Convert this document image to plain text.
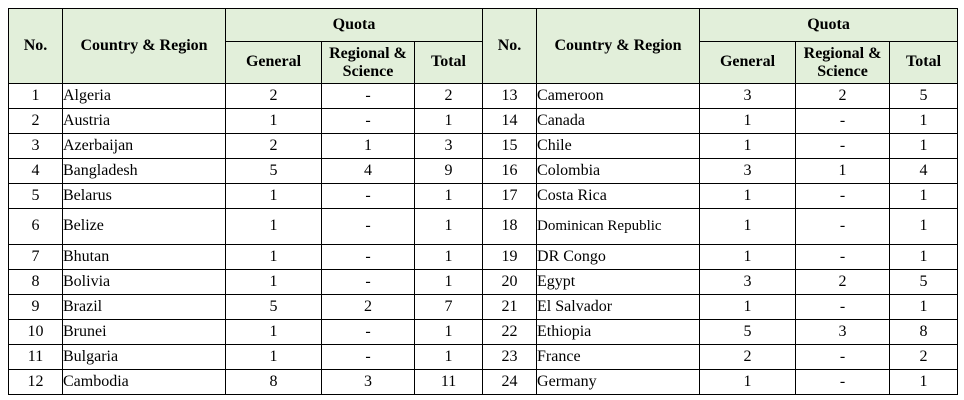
No.	Country & Region	Quota			No.	Country & Region	Quota		
		General	Regional & Science	Total			General	Regional & Science	Total
1	Algeria	2	-	2	13	Cameroon	3	2	5
2	Austria	1	-	1	14	Canada	1	-	1
3	Azerbaijan	2	1	3	15	Chile	1	-	1
4	Bangladesh	5	4	9	16	Colombia	3	1	4
5	Belarus	1	-	1	17	Costa Rica	1	-	1
6	Belize	1	-	1	18	Dominican Republic	1	-	1
7	Bhutan	1	-	1	19	DR Congo	1	-	1
8	Bolivia	1	-	1	20	Egypt	3	2	5
9	Brazil	5	2	7	21	El Salvador	1	-	1
10	Brunei	1	-	1	22	Ethiopia	5	3	8
11	Bulgaria	1	-	1	23	France	2	-	2
12	Cambodia	8	3	11	24	Germany	1	-	1
